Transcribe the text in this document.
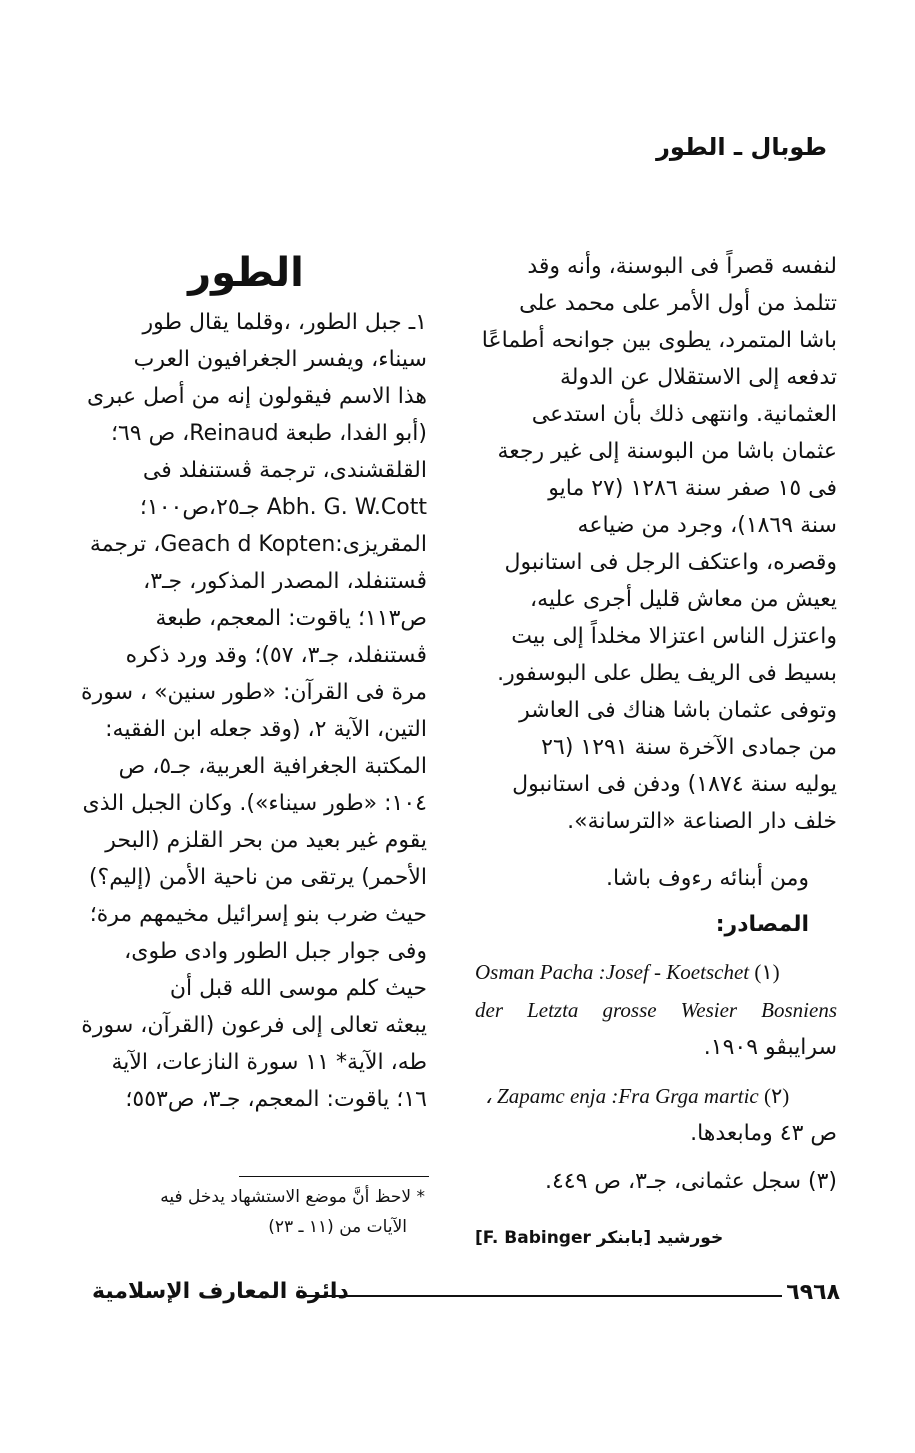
طوبال ـ الطور
لنفسه قصراً فى البوسنة، وأنه وقد
تتلمذ من أول الأمر على محمد على
باشا المتمرد، يطوى بين جوانحه أطماعًا
تدفعه إلى الاستقلال عن الدولة
العثمانية. وانتهى ذلك بأن استدعى
عثمان باشا من البوسنة إلى غير رجعة
فى ١٥ صفر سنة ١٢٨٦ (٢٧ مايو
سنة ١٨٦٩)، وجرد من ضياعه
وقصره، واعتكف الرجل فى استانبول
يعيش من معاش قليل أجرى عليه،
واعتزل الناس اعتزالا مخلداً إلى بيت
بسيط فى الريف يطل على البوسفور.
وتوفى عثمان باشا هناك فى العاشر
من جمادى الآخرة سنة ١٢٩١ (٢٦
يوليه سنة ١٨٧٤) ودفن فى استانبول
خلف دار الصناعة «الترسانة».
ومن أبنائه رءوف باشا.
المصادر:
Osman Pacha :Josef - Koetschet (١)
der Letzta grosse Wesier Bosniens
سرايبڤو ١٩٠٩.
، Zapamc enja :Fra Grga martic (٢)
ص ٤٣ ومابعدها.
(٣) سجل عثمانى، جـ٣، ص ٤٤٩.
خورشيد [بابنكر F. Babinger]
الطور
١ـ جبل الطور، ،وقلما يقال طور
سيناء، ويفسر الجغرافيون العرب
هذا الاسم فيقولون إنه من أصل عبرى
(أبو الفدا، طبعة Reinaud، ص ٦٩؛
القلقشندى، ترجمة ڤستنفلد فى
Abh. G. W.Cott جـ٢٥،ص١٠٠؛
المقريزى:Geach d Kopten، ترجمة
ڤستنفلد، المصدر المذكور، جـ٣،
ص١١٣؛ ياقوت: المعجم، طبعة
ڤستنفلد، جـ٣، ٥٧)؛ وقد ورد ذكره
مرة فى القرآن: «طور سنين» ، سورة
التين، الآية ٢، (وقد جعله ابن الفقيه:
المكتبة الجغرافية العربية، جـ٥، ص
١٠٤: «طور سيناء»). وكان الجبل الذى
يقوم غير بعيد من بحر القلزم (البحر
الأحمر) يرتقى من ناحية الأمن (إليم؟)
حيث ضرب بنو إسرائيل مخيمهم مرة؛
وفى جوار جبل الطور وادى طوى،
حيث كلم موسى الله قبل أن
يبعثه تعالى إلى فرعون (القرآن، سورة
طه، الآية* ١١ سورة النازعات، الآية
١٦؛ ياقوت: المعجم، جـ٣، ص٥٥٣؛
* لاحظ أنَّ موضع الاستشهاد يدخل فيه
الآيات من (١١ ـ ٢٣)
٦٩٦٨
دائرة المعارف الإسلامية
